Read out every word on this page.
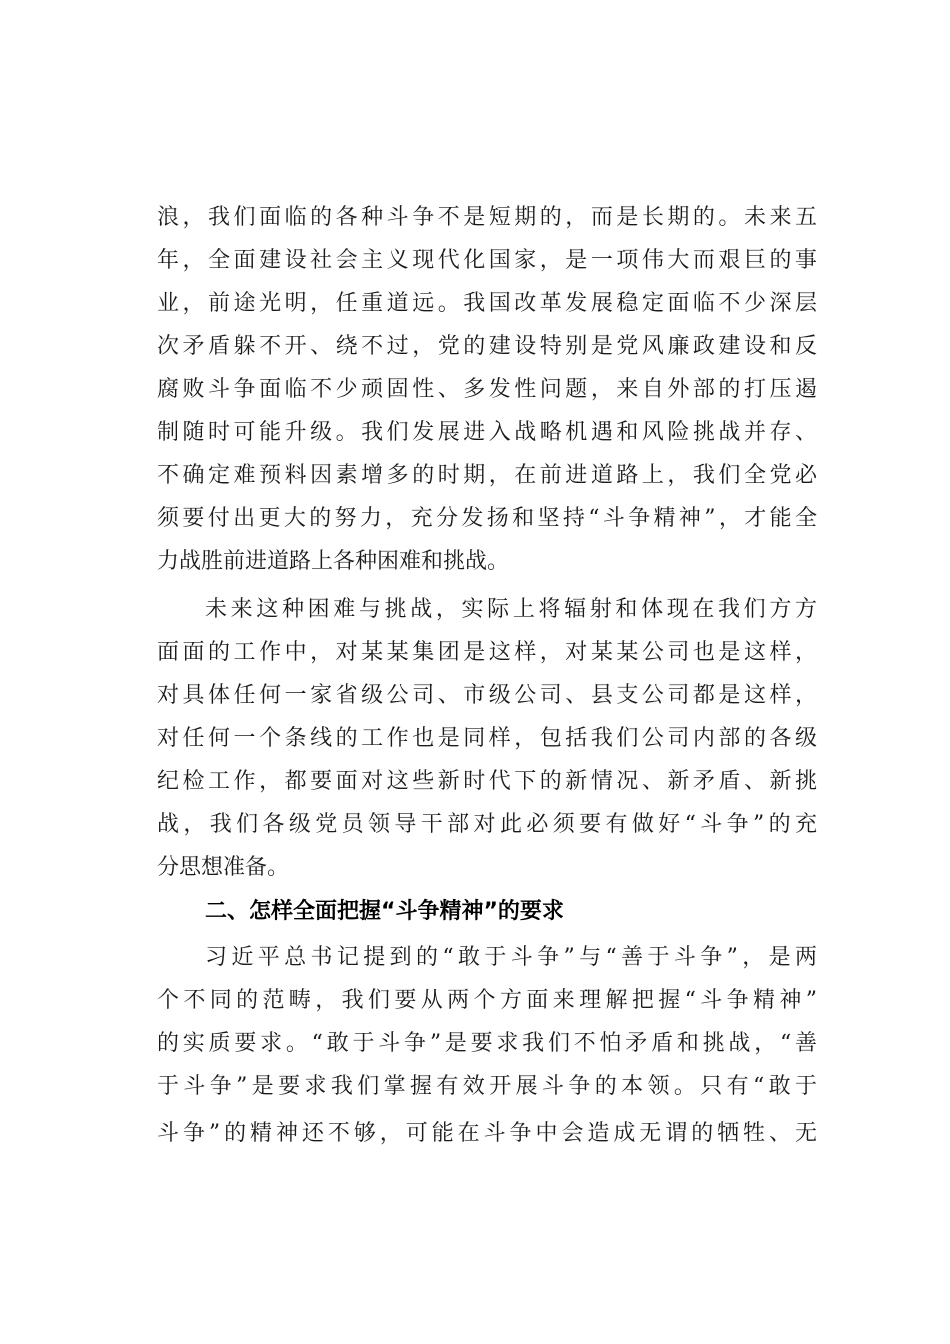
浪，我们面临的各种斗争不是短期的，而是长期的。未来五
年，全面建设社会主义现代化国家，是一项伟大而艰巨的事
业，前途光明，任重道远。我国改革发展稳定面临不少深层
次矛盾躲不开、绕不过，党的建设特别是党风廉政建设和反
腐败斗争面临不少顽固性、多发性问题，来自外部的打压遏
制随时可能升级。我们发展进入战略机遇和风险挑战并存、
不确定难预料因素增多的时期，在前进道路上，我们全党必
须要付出更大的努力，充分发扬和坚持“斗争精神”，才能全
力战胜前进道路上各种困难和挑战。
未来这种困难与挑战，实际上将辐射和体现在我们方方
面面的工作中，对某某集团是这样，对某某公司也是这样，
对具体任何一家省级公司、市级公司、县支公司都是这样，
对任何一个条线的工作也是同样，包括我们公司内部的各级
纪检工作，都要面对这些新时代下的新情况、新矛盾、新挑
战，我们各级党员领导干部对此必须要有做好“斗争”的充
分思想准备。
二、怎样全面把握“斗争精神”的要求
习近平总书记提到的“敢于斗争”与“善于斗争”，是两
个不同的范畴，我们要从两个方面来理解把握“斗争精神”
的实质要求。“敢于斗争”是要求我们不怕矛盾和挑战，“善
于斗争”是要求我们掌握有效开展斗争的本领。只有“敢于
斗争”的精神还不够，可能在斗争中会造成无谓的牺牲、无
